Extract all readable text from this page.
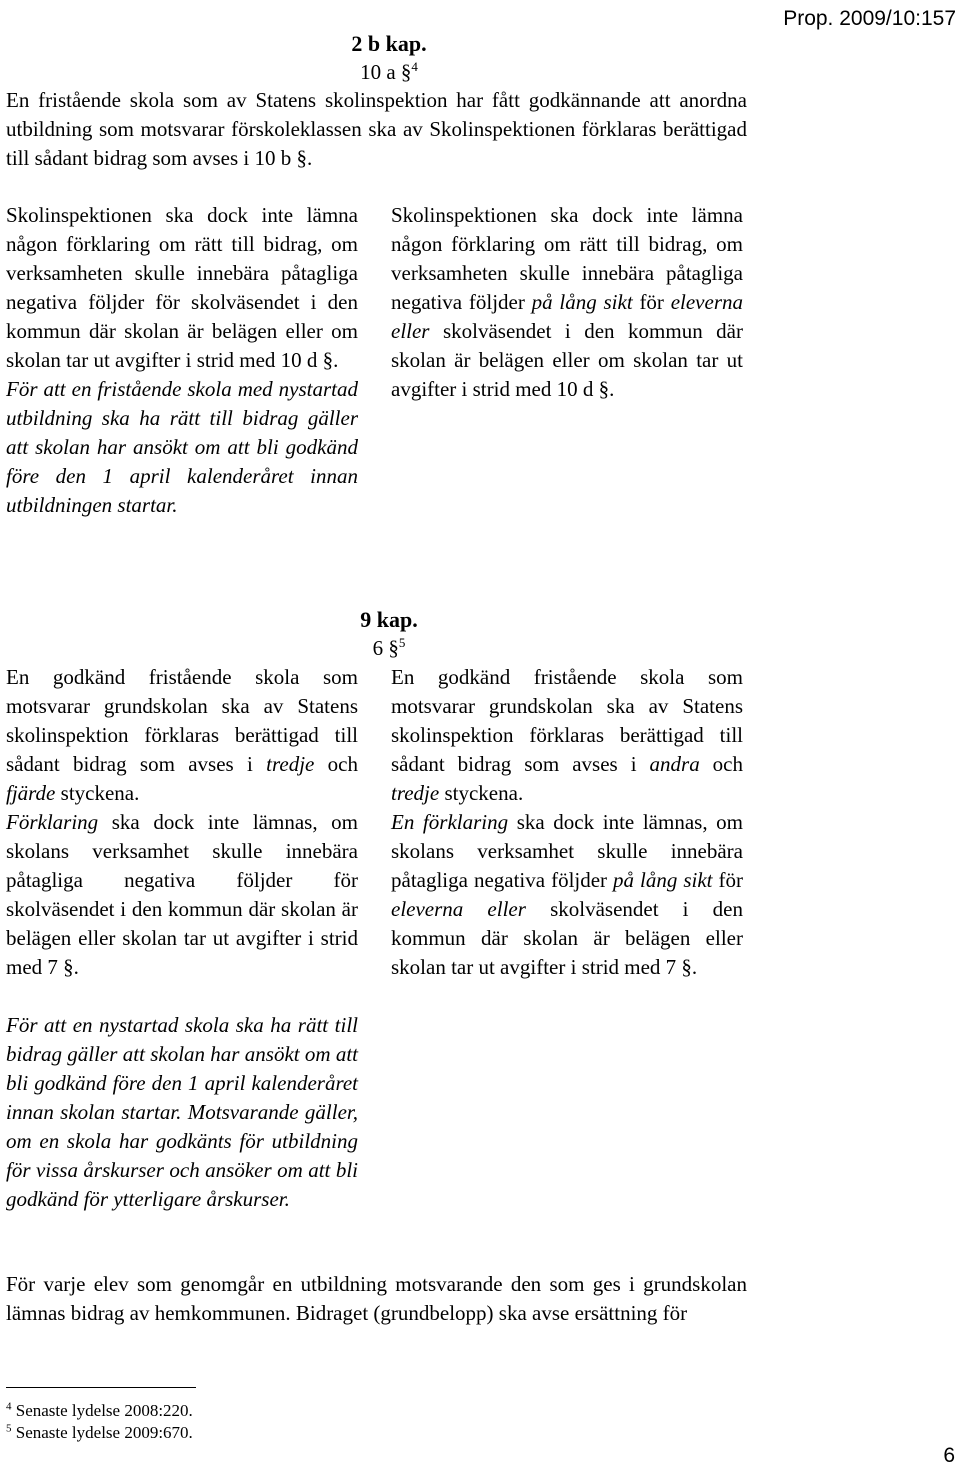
Prop. 2009/10:157
2 b kap.
10 a §$^4$
En fristående skola som av Statens skolinspektion har fått godkännande att anordna utbildning som motsvarar förskoleklassen ska av Skolinspektionen förklaras berättigad till sådant bidrag som avses i 10 b §.
Skolinspektionen ska dock inte lämna någon förklaring om rätt till bidrag, om verksamheten skulle innebära påtagliga negativa följder för skolväsendet i den kommun där skolan är belägen eller om skolan tar ut avgifter i strid med 10 d §.
För att en fristående skola med nystartad utbildning ska ha rätt till bidrag gäller att skolan har ansökt om att bli godkänd före den 1 april kalenderåret innan utbildningen startar.
Skolinspektionen ska dock inte lämna någon förklaring om rätt till bidrag, om verksamheten skulle innebära påtagliga negativa följder på lång sikt för eleverna eller skolväsendet i den kommun där skolan är belägen eller om skolan tar ut avgifter i strid med 10 d §.
9 kap.
6 §$^5$
En godkänd fristående skola som motsvarar grundskolan ska av Statens skolinspektion förklaras berättigad till sådant bidrag som avses i tredje och fjärde styckena.
Förklaring ska dock inte lämnas, om skolans verksamhet skulle innebära påtagliga negativa följder för skolväsendet i den kommun där skolan är belägen eller skolan tar ut avgifter i strid med 7 §.
För att en nystartad skola ska ha rätt till bidrag gäller att skolan har ansökt om att bli godkänd före den 1 april kalenderåret innan skolan startar. Motsvarande gäller, om en skola har godkänts för utbildning för vissa årskurser och ansöker om att bli godkänd för ytterligare årskurser.
En godkänd fristående skola som motsvarar grundskolan ska av Statens skolinspektion förklaras berättigad till sådant bidrag som avses i andra och tredje styckena.
En förklaring ska dock inte lämnas, om skolans verksamhet skulle innebära påtagliga negativa följder på lång sikt för eleverna eller skolväsendet i den kommun där skolan är belägen eller skolan tar ut avgifter i strid med 7 §.
För varje elev som genomgår en utbildning motsvarande den som ges i grundskolan lämnas bidrag av hemkommunen. Bidraget (grundbelopp) ska avse ersättning för
$^4$ Senaste lydelse 2008:220.
$^5$ Senaste lydelse 2009:670.
6
